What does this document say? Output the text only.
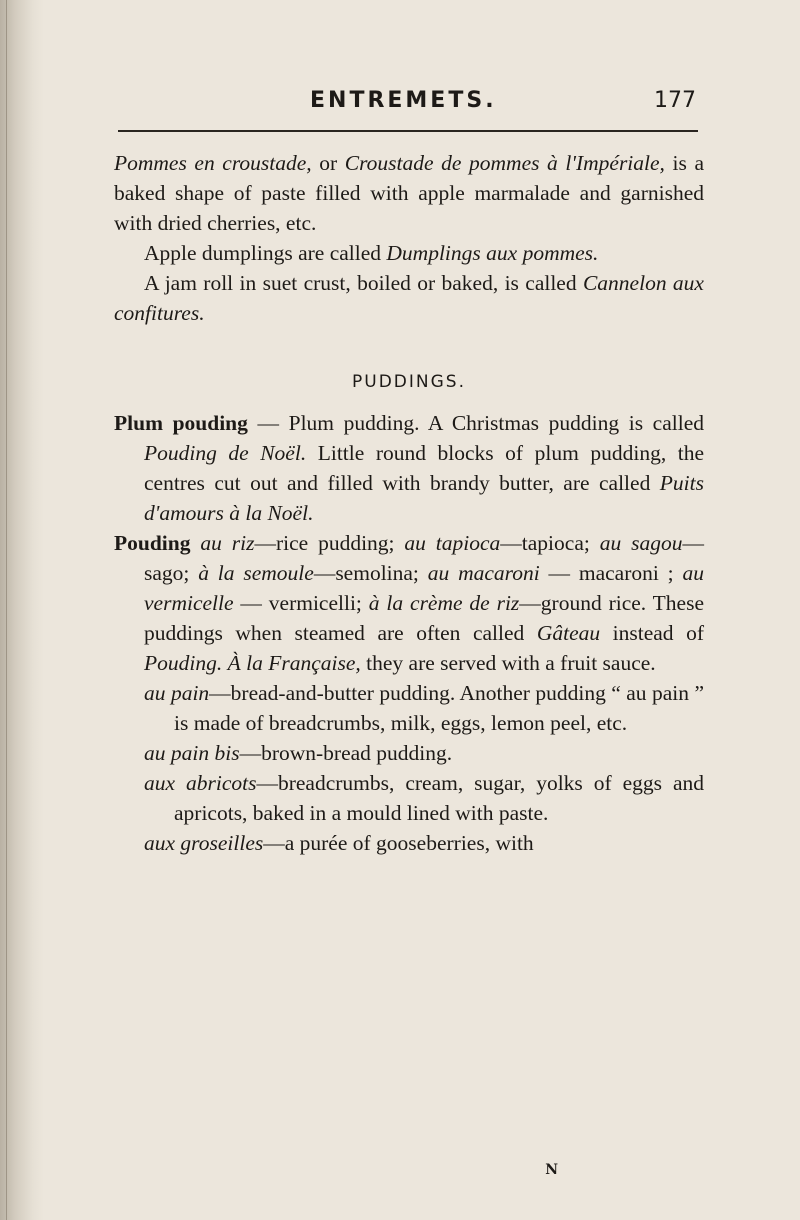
ENTREMETS.	177

Pommes en croustade, or Croustade de pommes à l'Impériale, is a baked shape of paste filled with apple marmalade and garnished with dried cherries, etc.

Apple dumplings are called Dumplings aux pommes.

A jam roll in suet crust, boiled or baked, is called Cannelon aux confitures.

PUDDINGS.

Plum pouding — Plum pudding. A Christmas pudding is called Pouding de Noël. Little round blocks of plum pudding, the centres cut out and filled with brandy butter, are called Puits d'amours à la Noël.

Pouding au riz—rice pudding; au tapioca—tapioca; au sagou—sago; à la semoule—semolina; au macaroni — macaroni ; au vermicelle — vermicelli; à la crème de riz—ground rice. These puddings when steamed are often called Gâteau instead of Pouding. À la Française, they are served with a fruit sauce.

au pain—bread-and-butter pudding. Another pudding “ au pain ” is made of breadcrumbs, milk, eggs, lemon peel, etc.

au pain bis—brown-bread pudding.

aux abricots—breadcrumbs, cream, sugar, yolks of eggs and apricots, baked in a mould lined with paste.

aux groseilles—a purée of gooseberries, with

N
